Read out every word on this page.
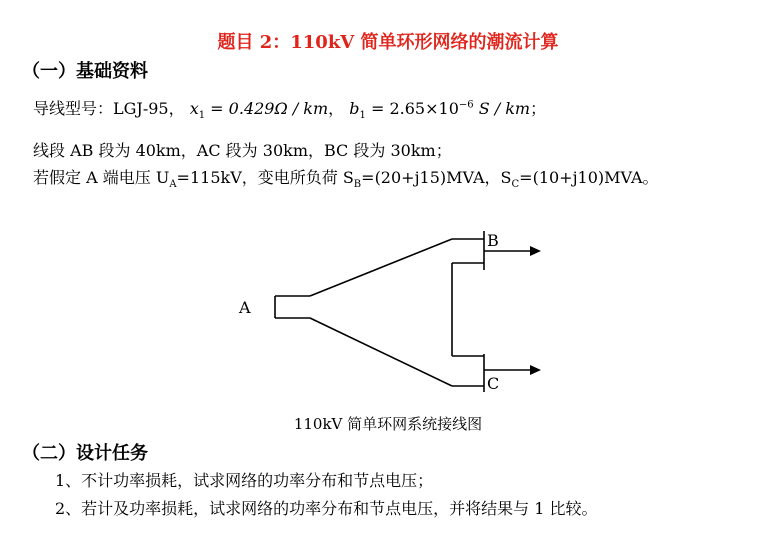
题目 2：110kV 简单环形网络的潮流计算
（一）基础资料
导线型号：LGJ-95， $x_1 = 0.429\Omega$ / km， $b_1 = 2.65\times 10^{-6}$ S / km；
线段 AB 段为 40km，AC 段为 30km，BC 段为 30km；
若假定 A 端电压 $U_A=115kV$，变电所负荷 $S_B=(20+j15)MVA$，$S_C=(10+j10)MVA$。
A
B
C
110kV 简单环网系统接线图
（二）设计任务
1、不计功率损耗，试求网络的功率分布和节点电压；
2、若计及功率损耗，试求网络的功率分布和节点电压，并将结果与 1 比较。
